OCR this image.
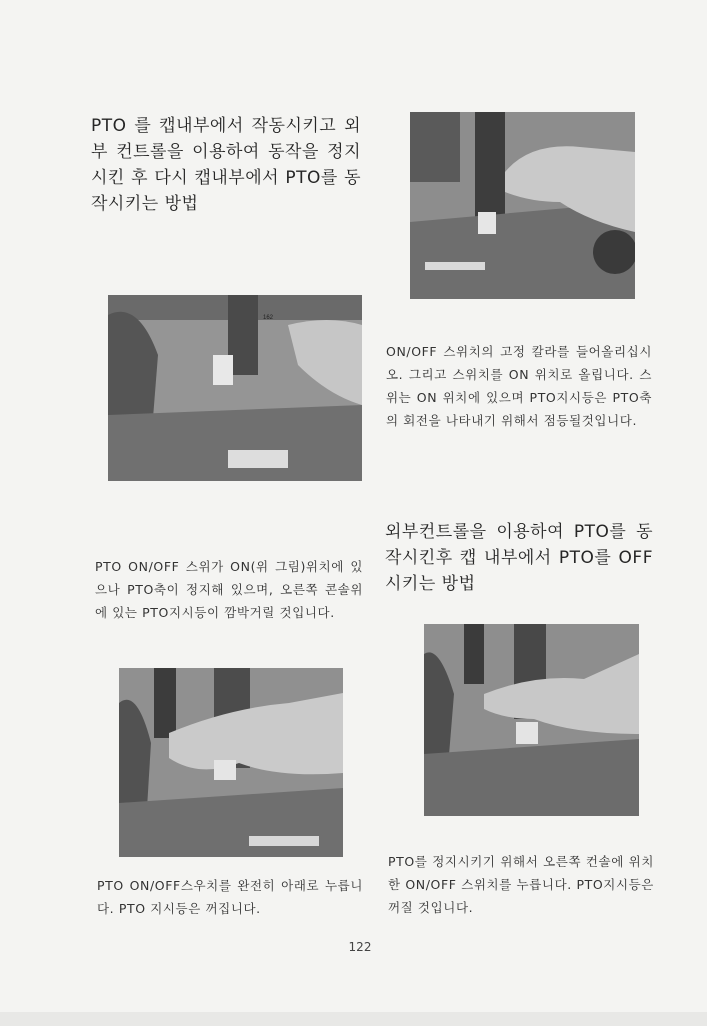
PTO 를 캡내부에서 작동시키고 외부 컨트롤을 이용하여 동작을 정지시킨 후 다시 캡내부에서 PTO를 동작시키는 방법
162

ON/OFF 스위치의 고정 칼라를 들어올리십시오. 그리고 스위치를 ON 위치로 올립니다. 스위는 ON 위치에 있으며 PTO지시등은 PTO축의 회전을 나타내기 위해서 점등될것입니다.

외부컨트롤을 이용하여 PTO를 동작시킨후 캡 내부에서 PTO를 OFF 시키는 방법

PTO ON/OFF 스위가 ON(위 그림)위치에 있으나 PTO축이 정지해 있으며, 오른쪽 콘솔위에 있는 PTO지시등이 깜박거릴 것입니다.

PTO를 정지시키기 위해서 오른쪽 컨솔에 위치한 ON/OFF 스위치를 누릅니다. PTO지시등은 꺼질 것입니다.

PTO ON/OFF스우치를 완전히 아래로 누릅니다. PTO 지시등은 꺼집니다.

122
